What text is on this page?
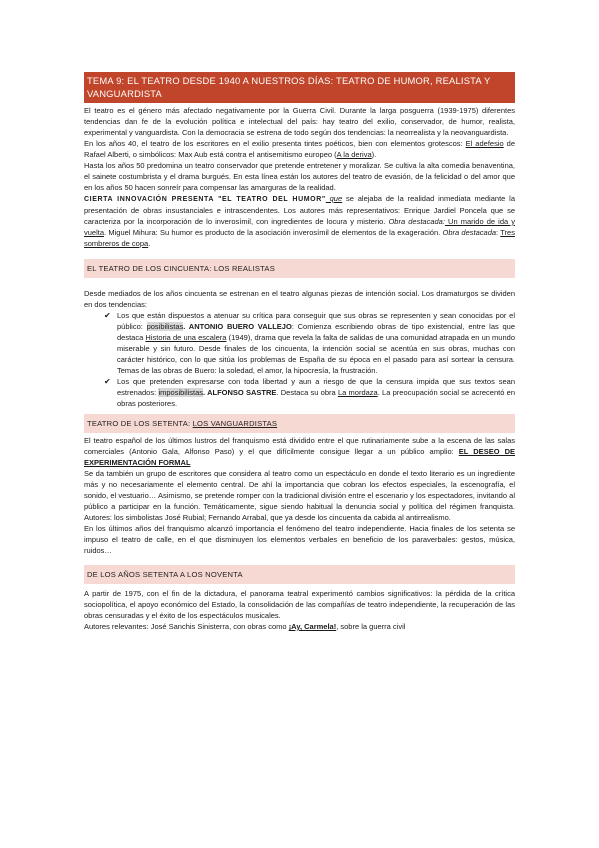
TEMA 9: EL TEATRO DESDE 1940 A NUESTROS DÍAS: TEATRO DE HUMOR, REALISTA Y VANGUARDISTA

El teatro es el género más afectado negativamente por la Guerra Civil. Durante la larga posguerra (1939-1975) diferentes tendencias dan fe de la evolución política e intelectual del país: hay teatro del exilio, conservador, de humor, realista, experimental y vanguardista. Con la democracia se estrena de todo según dos tendencias: la neorrealista y la neovanguardista.

En los años 40, el teatro de los escritores en el exilio presenta tintes poéticos, bien con elementos grotescos: El adefesio de Rafael Alberti, o simbólicos: Max Aub está contra el antisemitismo europeo (A la deriva).

Hasta los años 50 predomina un teatro conservador que pretende entretener y moralizar. Se cultiva la alta comedia benaventina, el sainete costumbrista y el drama burgués. En esta línea están los autores del teatro de evasión, de la felicidad o del amor que en los años 50 hacen sonreír para compensar las amarguras de la realidad.

CIERTA INNOVACIÓN PRESENTA "EL TEATRO DEL HUMOR" que se alejaba de la realidad inmediata mediante la presentación de obras insustanciales e intrascendentes. Los autores más representativos: Enrique Jardiel Poncela que se caracteriza por la incorporación de lo inverosímil, con ingredientes de locura y misterio. Obra destacada: Un marido de ida y vuelta. Miguel Mihura: Su humor es producto de la asociación inverosímil de elementos de la exageración. Obra destacada: Tres sombreros de copa.

EL TEATRO DE LOS CINCUENTA: LOS REALISTAS

Desde mediados de los años cincuenta se estrenan en el teatro algunas piezas de intención social. Los dramaturgos se dividen en dos tendencias:

✔ Los que están dispuestos a atenuar su crítica para conseguir que sus obras se representen y sean conocidas por el público: posibilistas. ANTONIO BUERO VALLEJO: Comienza escribiendo obras de tipo existencial, entre las que destaca Historia de una escalera (1949), drama que revela la falta de salidas de una comunidad atrapada en un mundo miserable y sin futuro. Desde finales de los cincuenta, la intención social se acentúa en sus obras, muchas con carácter histórico, con lo que sitúa los problemas de España de su época en el pasado para así sortear la censura. Temas de las obras de Buero: la soledad, el amor, la hipocresía, la frustración.

✔ Los que pretenden expresarse con toda libertad y aun a riesgo de que la censura impida que sus textos sean estrenados: imposibilistas. ALFONSO SASTRE. Destaca su obra La mordaza. La preocupación social se acrecentó en obras posteriores.

TEATRO DE LOS SETENTA: LOS VANGUARDISTAS

El teatro español de los últimos lustros del franquismo está dividido entre el que rutinariamente sube a la escena de las salas comerciales (Antonio Gala, Alfonso Paso) y el que difícilmente consigue llegar a un público amplio: EL DESEO DE EXPERIMENTACIÓN FORMAL

Se da también un grupo de escritores que considera al teatro como un espectáculo en donde el texto literario es un ingrediente más y no necesariamente el elemento central. De ahí la importancia que cobran los efectos especiales, la escenografía, el sonido, el vestuario… Asimismo, se pretende romper con la tradicional división entre el escenario y los espectadores, invitando al público a participar en la función. Temáticamente, sigue siendo habitual la denuncia social y política del régimen franquista. Autores: los simbolistas José Rubial; Fernando Arrabal, que ya desde los cincuenta da cabida al antirrealismo.

En los últimos años del franquismo alcanzó importancia el fenómeno del teatro independiente. Hacia finales de los setenta se impuso el teatro de calle, en el que disminuyen los elementos verbales en beneficio de los paraverbales: gestos, música, ruidos…

DE LOS AÑOS SETENTA A LOS NOVENTA

A partir de 1975, con el fin de la dictadura, el panorama teatral experimentó cambios significativos: la pérdida de la crítica sociopolítica, el apoyo económico del Estado, la consolidación de las compañías de teatro independiente, la recuperación de las obras censuradas y el éxito de los espectáculos musicales.

Autores relevantes: José Sanchis Sinisterra, con obras como ¡Ay, Carmela!, sobre la guerra civil
